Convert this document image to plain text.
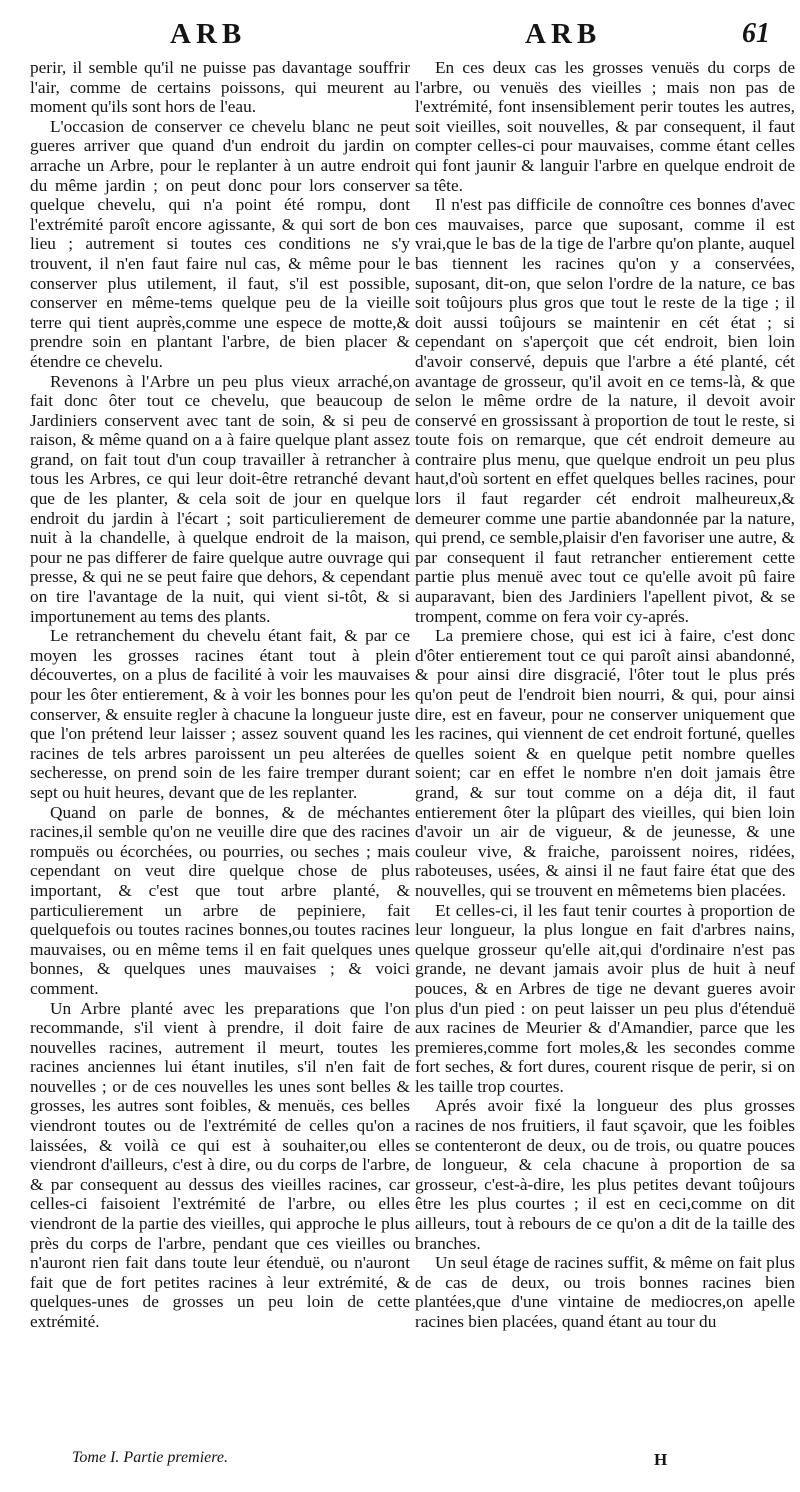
ARB	ARB	61

perir, il semble qu'il ne puisse pas davantage souffrir l'air, comme de certains poissons, qui meurent au moment qu'ils sont hors de l'eau.

L'occasion de conserver ce chevelu blanc ne peut gueres arriver que quand d'un endroit du jardin on arrache un Arbre, pour le replanter à un autre endroit du même jardin ; on peut donc pour lors conserver quelque chevelu, qui n'a point été rompu, dont l'extrémité paroît encore agissante, & qui sort de bon lieu ; autrement si toutes ces conditions ne s'y trouvent, il n'en faut faire nul cas, & même pour le conserver plus utilement, il faut, s'il est possible, conserver en même-tems quelque peu de la vieille terre qui tient auprès,comme une espece de motte,& prendre soin en plantant l'arbre, de bien placer & étendre ce chevelu.

Revenons à l'Arbre un peu plus vieux arraché,on fait donc ôter tout ce chevelu, que beaucoup de Jardiniers conservent avec tant de soin, & si peu de raison, & même quand on a à faire quelque plant assez grand, on fait tout d'un coup travailler à retrancher à tous les Arbres, ce qui leur doit-être retranché devant que de les planter, & cela soit de jour en quelque endroit du jardin à l'écart ; soit particulierement de nuit à la chandelle, à quelque endroit de la maison, pour ne pas differer de faire quelque autre ouvrage qui presse, & qui ne se peut faire que dehors, & cependant on tire l'avantage de la nuit, qui vient si-tôt, & si importunement au tems des plants.

Le retranchement du chevelu étant fait, & par ce moyen les grosses racines étant tout à plein découvertes, on a plus de facilité à voir les mauvaises pour les ôter entierement, & à voir les bonnes pour les conserver, & ensuite regler à chacune la longueur juste que l'on prétend leur laisser ; assez souvent quand les racines de tels arbres paroissent un peu alterées de secheresse, on prend soin de les faire tremper durant sept ou huit heures, devant que de les replanter.

Quand on parle de bonnes, & de méchantes racines,il semble qu'on ne veuille dire que des racines rompuës ou écorchées, ou pourries, ou seches ; mais cependant on veut dire quelque chose de plus important, & c'est que tout arbre planté, & particulierement un arbre de pepiniere, fait quelquefois ou toutes racines bonnes,ou toutes racines mauvaises, ou en même tems il en fait quelques unes bonnes, & quelques unes mauvaises ; & voici comment.

Un Arbre planté avec les preparations que l'on recommande, s'il vient à prendre, il doit faire de nouvelles racines, autrement il meurt, toutes les racines anciennes lui étant inutiles, s'il n'en fait de nouvelles ; or de ces nouvelles les unes sont belles & grosses, les autres sont foibles, & menuës, ces belles viendront toutes ou de l'extrémité de celles qu'on a laissées, & voilà ce qui est à souhaiter,ou elles viendront d'ailleurs, c'est à dire, ou du corps de l'arbre, & par consequent au dessus des vieilles racines, car celles-ci faisoient l'extrémité de l'arbre, ou elles viendront de la partie des vieilles, qui approche le plus près du corps de l'arbre, pendant que ces vieilles ou n'auront rien fait dans toute leur étenduë, ou n'auront fait que de fort petites racines à leur extrémité, & quelques-unes de grosses un peu loin de cette extrémité.

En ces deux cas les grosses venuës du corps de l'arbre, ou venuës des vieilles ; mais non pas de l'extrémité, font insensiblement perir toutes les autres, soit vieilles, soit nouvelles, & par consequent, il faut compter celles-ci pour mauvaises, comme étant celles qui font jaunir & languir l'arbre en quelque endroit de sa tête.

Il n'est pas difficile de connoître ces bonnes d'avec ces mauvaises, parce que suposant, comme il est vrai,que le bas de la tige de l'arbre qu'on plante, auquel bas tiennent les racines qu'on y a conservées, suposant, dit-on, que selon l'ordre de la nature, ce bas soit toûjours plus gros que tout le reste de la tige ; il doit aussi toûjours se maintenir en cét état ; si cependant on s'aperçoit que cét endroit, bien loin d'avoir conservé, depuis que l'arbre a été planté, cét avantage de grosseur, qu'il avoit en ce tems-là, & que selon le même ordre de la nature, il devoit avoir conservé en grossissant à proportion de tout le reste, si toute fois on remarque, que cét endroit demeure au contraire plus menu, que quelque endroit un peu plus haut,d'où sortent en effet quelques belles racines, pour lors il faut regarder cét endroit malheureux,& demeurer comme une partie abandonnée par la nature, qui prend, ce semble,plaisir d'en favoriser une autre, & par consequent il faut retrancher entierement cette partie plus menuë avec tout ce qu'elle avoit pû faire auparavant, bien des Jardiniers l'apellent pivot, & se trompent, comme on fera voir cy-aprés.

La premiere chose, qui est ici à faire, c'est donc d'ôter entierement tout ce qui paroît ainsi abandonné, & pour ainsi dire disgracié, l'ôter tout le plus prés qu'on peut de l'endroit bien nourri, & qui, pour ainsi dire, est en faveur, pour ne conserver uniquement que les racines, qui viennent de cet endroit fortuné, quelles quelles soient & en quelque petit nombre quelles soient; car en effet le nombre n'en doit jamais être grand, & sur tout comme on a déja dit, il faut entierement ôter la plûpart des vieilles, qui bien loin d'avoir un air de vigueur, & de jeunesse, & une couleur vive, & fraiche, paroissent noires, ridées, raboteuses, usées, & ainsi il ne faut faire état que des nouvelles, qui se trouvent en mêmetems bien placées.

Et celles-ci, il les faut tenir courtes à proportion de leur longueur, la plus longue en fait d'arbres nains, quelque grosseur qu'elle ait,qui d'ordinaire n'est pas grande, ne devant jamais avoir plus de huit à neuf pouces, & en Arbres de tige ne devant gueres avoir plus d'un pied : on peut laisser un peu plus d'étenduë aux racines de Meurier & d'Amandier, parce que les premieres,comme fort moles,& les secondes comme fort seches, & fort dures, courent risque de perir, si on les taille trop courtes.

Aprés avoir fixé la longueur des plus grosses racines de nos fruitiers, il faut sçavoir, que les foibles se contenteront de deux, ou de trois, ou quatre pouces de longueur, & cela chacune à proportion de sa grosseur, c'est-à-dire, les plus petites devant toûjours être les plus courtes ; il est en ceci,comme on dit ailleurs, tout à rebours de ce qu'on a dit de la taille des branches.

Un seul étage de racines suffit, & même on fait plus de cas de deux, ou trois bonnes racines bien plantées,que d'une vintaine de mediocres,on apelle racines bien placées, quand étant au tour du

Tome I. Partie premiere.	H
